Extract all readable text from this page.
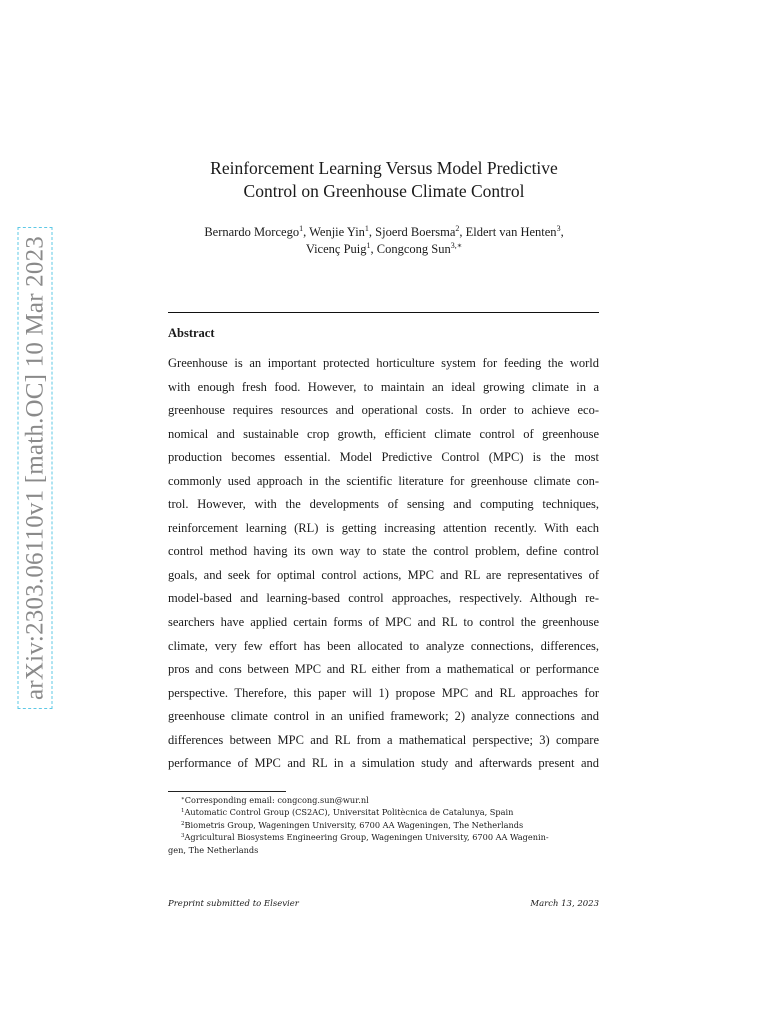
arXiv:2303.06110v1 [math.OC] 10 Mar 2023
Reinforcement Learning Versus Model Predictive
Control on Greenhouse Climate Control
Bernardo Morcego$^1$, Wenjie Yin$^1$, Sjoerd Boersma$^2$, Eldert van Henten$^3$,
Vicenç Puig$^1$, Congcong Sun$^{3,∗}$
Abstract
Greenhouse is an important protected horticulture system for feeding the world
with enough fresh food. However, to maintain an ideal growing climate in a
greenhouse requires resources and operational costs. In order to achieve eco-
nomical and sustainable crop growth, efficient climate control of greenhouse
production becomes essential. Model Predictive Control (MPC) is the most
commonly used approach in the scientific literature for greenhouse climate con-
trol. However, with the developments of sensing and computing techniques,
reinforcement learning (RL) is getting increasing attention recently. With each
control method having its own way to state the control problem, define control
goals, and seek for optimal control actions, MPC and RL are representatives of
model-based and learning-based control approaches, respectively. Although re-
searchers have applied certain forms of MPC and RL to control the greenhouse
climate, very few effort has been allocated to analyze connections, differences,
pros and cons between MPC and RL either from a mathematical or performance
perspective. Therefore, this paper will 1) propose MPC and RL approaches for
greenhouse climate control in an unified framework; 2) analyze connections and
differences between MPC and RL from a mathematical perspective; 3) compare
performance of MPC and RL in a simulation study and afterwards present and
∗Corresponding email: congcong.sun@wur.nl
$^1$Automatic Control Group (CS2AC), Universitat Politècnica de Catalunya, Spain
$^2$Biometris Group, Wageningen University, 6700 AA Wageningen, The Netherlands
$^3$Agricultural Biosystems Engineering Group, Wageningen University, 6700 AA Wagenin-
gen, The Netherlands
Preprint submitted to Elsevier	March 13, 2023
